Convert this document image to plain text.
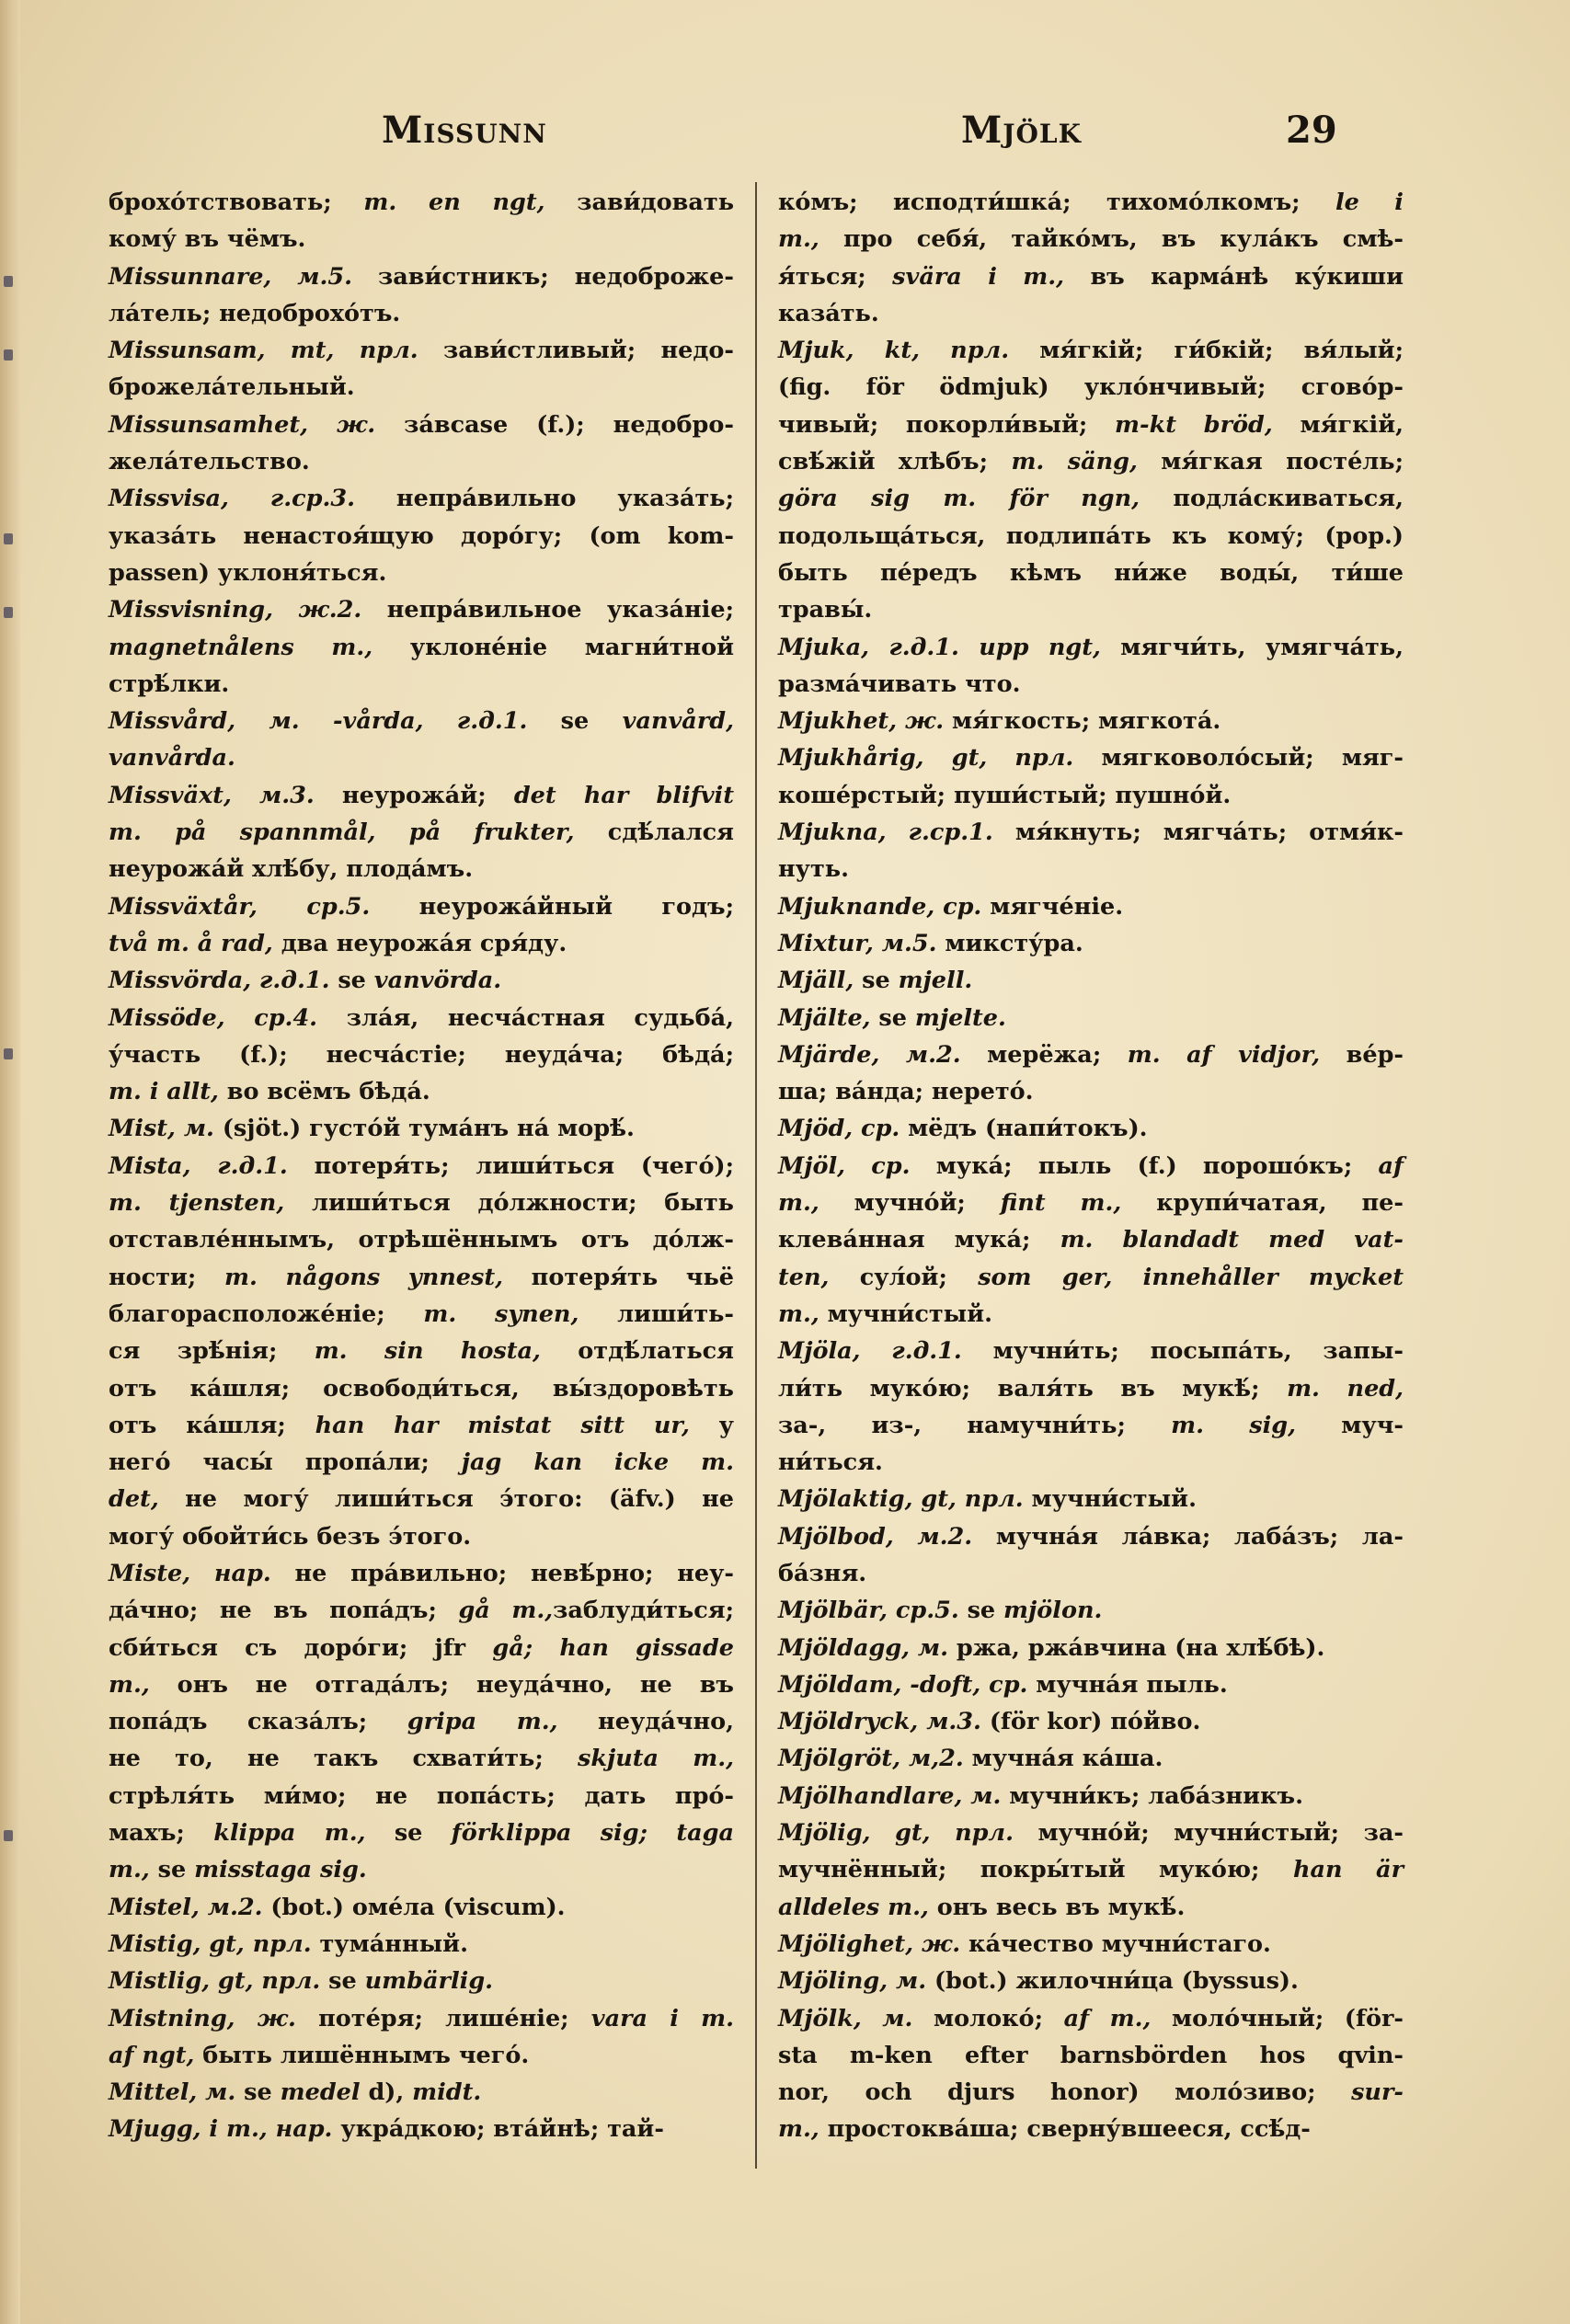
Missunn	Mjölk	29
брохо́тствовать; m. en ngt, зави́довать
кому́ въ чёмъ.
Missunnare, м.5. зави́стникъ; недоброже-
ла́тель; недоброхо́тъ.
Missunsam, mt, прл. зави́стливый; недо-
брожела́тельный.
Missunsamhet, ж. за́вcase (f.); недобро-
жела́тельство.
Missvisa, г.ср.3. непра́вильно указа́ть;
указа́ть ненастоя́щую доро́гу; (om kom-
passen) уклоня́ться.
Missvisning, ж.2. непра́вильное указа́ніе;
magnetnålens m., уклоне́ніе магни́тной
стрѣ́лки.
Missvård, м. -vårda, г.д.1. se vanvård,
vanvårda.
Missväxt, м.3. неурожа́й; det har blifvit
m. på spannmål, på frukter, сдѣ́лался
неурожа́й хлѣ́бу, плода́мъ.
Missväxtår, ср.5. неурожа́йный годъ;
två m. å rad, два неурожа́я сря́ду.
Missvörda, г.д.1. se vanvörda.
Missöde, ср.4. зла́я, несча́стная судьба́,
у́часть (f.); несча́стіе; неуда́ча; бѣда́;
m. i allt, во всёмъ бѣда́.
Mist, м. (sjöt.) густо́й тума́нъ на́ морѣ́.
Mista, г.д.1. потеря́ть; лиши́ться (чего́);
m. tjensten, лиши́ться до́лжности; быть
отставле́ннымъ, отрѣшённымъ отъ до́лж-
ности; m. någons ynnest, потеря́ть чьё
благорасположе́ніе; m. synen, лиши́ть-
ся зрѣ́нія; m. sin hosta, отдѣ́латься
отъ ка́шля; освободи́ться, вы́здоровѣть
отъ ка́шля; han har mistat sitt ur, у
него́ часы́ пропа́ли; jag kan icke m.
det, не могу́ лиши́ться э́того: (äfv.) не
могу́ обойти́сь безъ э́того.
Miste, нар. не пра́вильно; невѣ́рно; неу-
да́чно; не въ попа́дъ; gå m.,заблуди́ться;
сби́ться съ доро́ги; jfr gå; han gissade
m., онъ не отгада́лъ; неуда́чно, не въ
попа́дъ сказа́лъ; gripa m., неуда́чно,
не то, не такъ схвати́ть; skjuta m.,
стрѣля́ть ми́мо; не попа́сть; дать про́-
махъ; klippa m., se förklippa sig; taga
m., se misstaga sig.
Mistel, м.2. (bot.) оме́ла (viscum).
Mistig, gt, прл. тума́нный.
Mistlig, gt, прл. se umbärlig.
Mistning, ж. поте́ря; лише́ніе; vara i m.
af ngt, быть лишённымъ чего́.
Mittel, м. se medel d), midt.
Mjugg, i m., нар. укра́дкою; вта́йнѣ; тай-
ко́мъ; исподти́шка́; тихомо́лкомъ; le i
m., про себя́, тайко́мъ, въ кула́къ смѣ-
я́ться; svära i m., въ карма́нѣ ку́киши
каза́ть.
Mjuk, kt, прл. мя́гкій; ги́бкій; вя́лый;
(fig. för ödmjuk) укло́нчивый; сгово́р-
чивый; покорли́вый; m-kt bröd, мя́гкій,
свѣ́жій хлѣбъ; m. säng, мя́гкая посте́ль;
göra sig m. för ngn, подла́скиваться,
подольща́ться, подлипа́ть къ кому́; (pop.)
быть пе́редъ кѣмъ ни́же воды́, ти́ше
травы́.
Mjuka, г.д.1. upp ngt, мягчи́ть, умягча́ть,
разма́чивать что.
Mjukhet, ж. мя́гкость; мягкота́.
Mjukhårig, gt, прл. мягковоло́сый; мяг-
коше́рстый; пуши́стый; пушно́й.
Mjukna, г.ср.1. мя́кнуть; мягча́ть; отмя́к-
нуть.
Mjuknande, ср. мягче́ніе.
Mixtur, м.5. миксту́ра.
Mjäll, se mjell.
Mjälte, se mjelte.
Mjärde, м.2. мерёжа; m. af vidjor, ве́р-
ша; ва́нда; нерето́.
Mjöd, ср. мёдъ (напи́токъ).
Mjöl, ср. мука́; пыль (f.) порошо́къ; af
m., мучно́й; fint m., крупи́чатая, пе-
клева́нная мука́; m. blandadt med vat-
ten, сул́ой; som ger, innehåller mycket
m., мучни́стый.
Mjöla, г.д.1. мучни́ть; посыпа́ть, запы-
ли́ть муко́ю; валя́ть въ мукѣ́; m. ned,
за-, из-, намучни́ть; m. sig, муч-
ни́ться.
Mjölaktig, gt, прл. мучни́стый.
Mjölbod, м.2. мучна́я ла́вка; лаба́зъ; ла-
ба́зня.
Mjölbär, ср.5. se mjölon.
Mjöldagg, м. ржа, ржа́вчина (на хлѣ́бѣ).
Mjöldam, -doft, ср. мучна́я пыль.
Mjöldryck, м.3. (för kor) по́йво.
Mjölgröt, м,2. мучна́я ка́ша.
Mjölhandlare, м. мучни́къ; лаба́зникъ.
Mjölig, gt, прл. мучно́й; мучни́стый; за-
мучнённый; покры́тый муко́ю; han är
alldeles m., онъ весь въ мукѣ́.
Mjölighet, ж. ка́чество мучни́стаго.
Mjöling, м. (bot.) жилочни́ца (byssus).
Mjölk, м. молоко́; af m., моло́чный; (för-
sta m-ken efter barnsbörden hos qvin-
nor, och djurs honor) моло́зиво; sur-
m., простоква́ша; сверну́вшееся, ссѣ́д-
